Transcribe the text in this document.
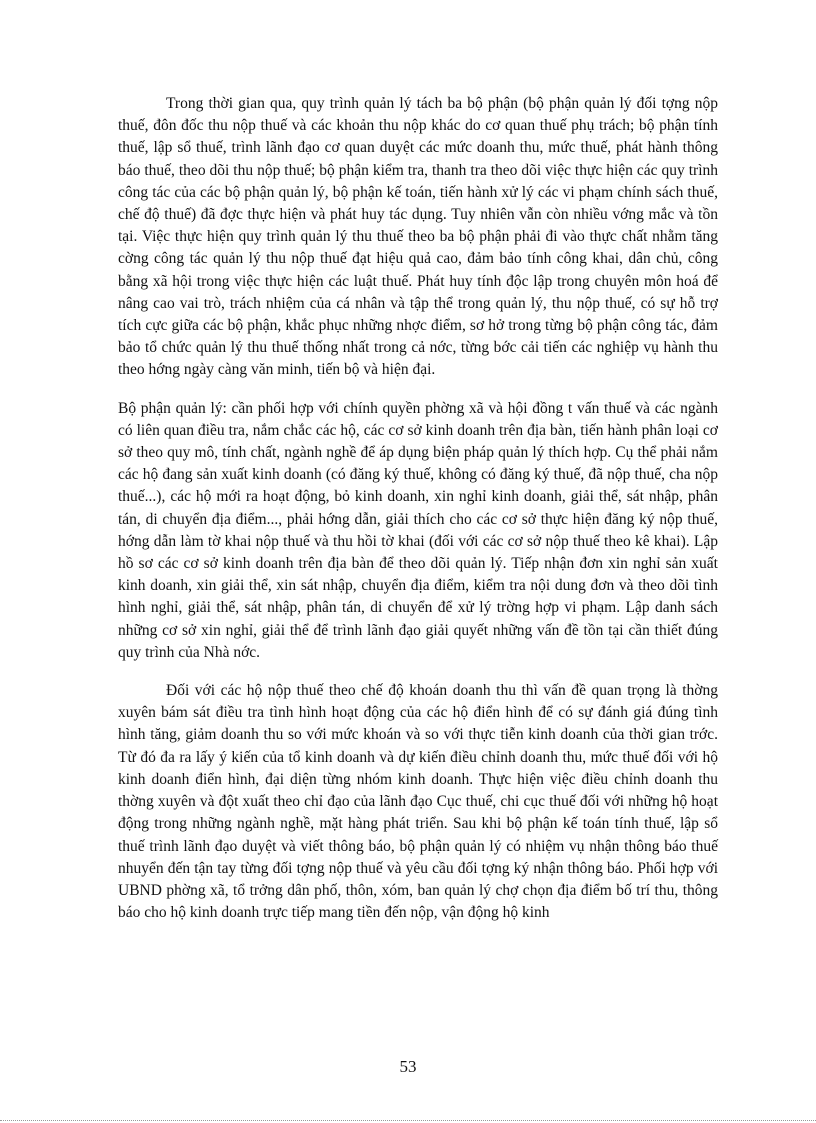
Trong thời gian qua, quy trình quản lý tách ba bộ phận (bộ phận quản lý đối tợng nộp thuế, đôn đốc thu nộp thuế và các khoản thu nộp khác do cơ quan thuế phụ trách; bộ phận tính thuế, lập sổ thuế, trình lãnh đạo cơ quan duyệt các mức doanh thu, mức thuế, phát hành thông báo thuế, theo dõi thu nộp thuế; bộ phận kiểm tra, thanh tra theo dõi việc thực hiện các quy trình công tác của các bộ phận quản lý, bộ phận kế toán, tiến hành xử lý các vi phạm chính sách thuế, chế độ thuế) đã đợc thực hiện và phát huy tác dụng. Tuy nhiên vẫn còn nhiều vớng mắc và tồn tại. Việc thực hiện quy trình quản lý thu thuế theo ba bộ phận phải đi vào thực chất nhằm tăng cờng công tác quản lý thu nộp thuế đạt hiệu quả cao, đảm bảo tính công khai, dân chủ, công bằng xã hội trong việc thực hiện các luật thuế. Phát huy tính độc lập trong chuyên môn hoá để nâng cao vai trò, trách nhiệm của cá nhân và tập thể trong quản lý, thu nộp thuế, có sự hỗ trợ tích cực giữa các bộ phận, khắc phục những nhợc điểm, sơ hở trong từng bộ phận công tác, đảm bảo tổ chức quản lý thu thuế thống nhất trong cả nớc, từng bớc cải tiến các nghiệp vụ hành thu theo hớng ngày càng văn minh, tiến bộ và hiện đại.

Bộ phận quản lý: cần phối hợp với chính quyền phờng xã và hội đồng t vấn thuế và các ngành có liên quan điều tra, nắm chắc các hộ, các cơ sở kinh doanh trên địa bàn, tiến hành phân loại cơ sở theo quy mô, tính chất, ngành nghề để áp dụng biện pháp quản lý thích hợp. Cụ thể phải nắm các hộ đang sản xuất kinh doanh (có đăng ký thuế, không có đăng ký thuế, đã nộp thuế, cha nộp thuế...), các hộ mới ra hoạt động, bỏ kinh doanh, xin nghỉ kinh doanh, giải thể, sát nhập, phân tán, di chuyển địa điểm..., phải hớng dẫn, giải thích cho các cơ sở thực hiện đăng ký nộp thuế, hớng dẫn làm tờ khai nộp thuế và thu hồi tờ khai (đối với các cơ sở nộp thuế theo kê khai). Lập hồ sơ các cơ sở kinh doanh trên địa bàn để theo dõi quản lý. Tiếp nhận đơn xin nghỉ sản xuất kinh doanh, xin giải thể, xin sát nhập, chuyển địa điểm, kiểm tra nội dung đơn và theo dõi tình hình nghỉ, giải thể, sát nhập, phân tán, di chuyển để xử lý trờng hợp vi phạm. Lập danh sách những cơ sở xin nghỉ, giải thể để trình lãnh đạo giải quyết những vấn đề tồn tại cần thiết đúng quy trình của Nhà nớc.

Đối với các hộ nộp thuế theo chế độ khoán doanh thu thì vấn đề quan trọng là thờng xuyên bám sát điều tra tình hình hoạt động của các hộ điển hình để có sự đánh giá đúng tình hình tăng, giảm doanh thu so với mức khoán và so với thực tiễn kinh doanh của thời gian trớc. Từ đó đa ra lấy ý kiến của tổ kinh doanh và dự kiến điều chỉnh doanh thu, mức thuế đối với hộ kinh doanh điển hình, đại diện từng nhóm kinh doanh. Thực hiện việc điều chỉnh doanh thu thờng xuyên và đột xuất theo chỉ đạo của lãnh đạo Cục thuế, chi cục thuế đối với những hộ hoạt động trong những ngành nghề, mặt hàng phát triển. Sau khi bộ phận kế toán tính thuế, lập sổ thuế trình lãnh đạo duyệt và viết thông báo, bộ phận quản lý có nhiệm vụ nhận thông báo thuế nhuyển đến tận tay từng đối tợng nộp thuế và yêu cầu đối tợng ký nhận thông báo. Phối hợp với UBND phờng xã, tổ trởng dân phố, thôn, xóm, ban quản lý chợ chọn địa điểm bố trí thu, thông báo cho hộ kinh doanh trực tiếp mang tiền đến nộp, vận động hộ kinh

53
